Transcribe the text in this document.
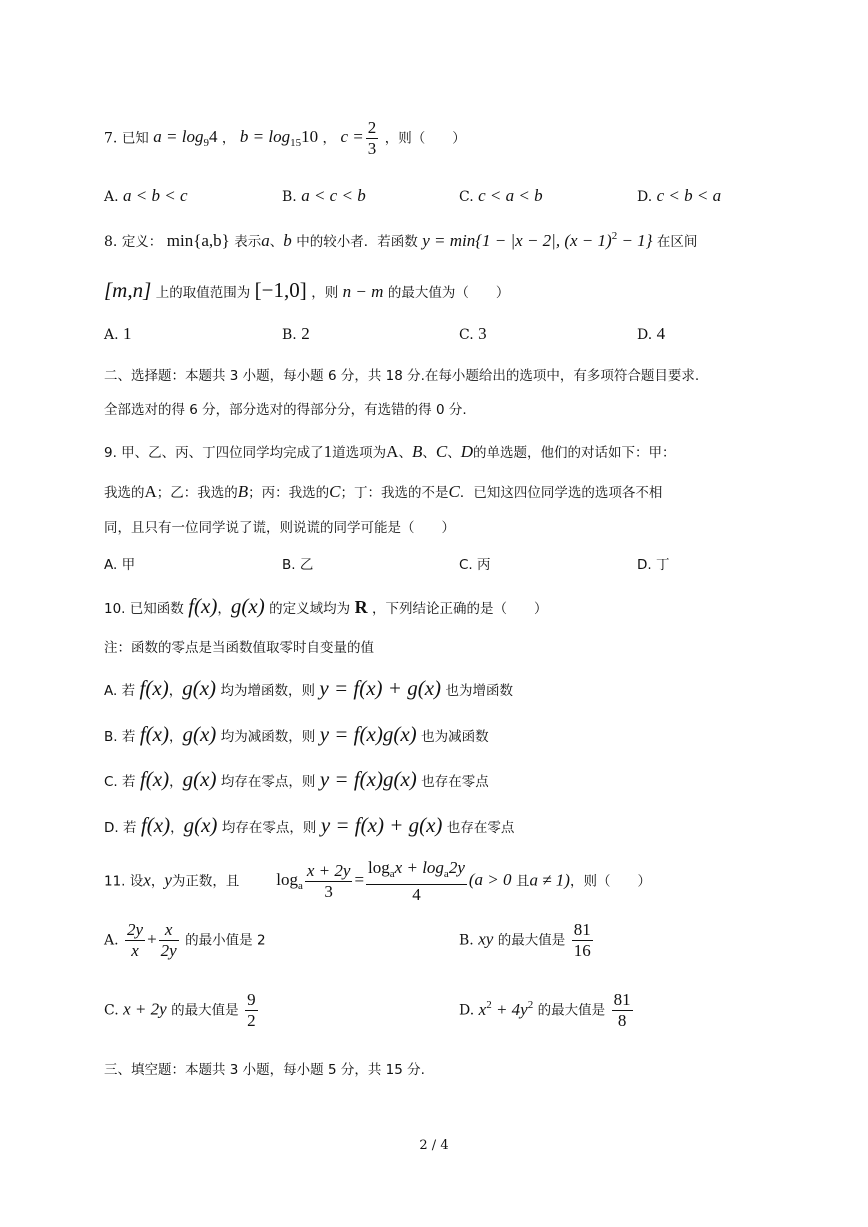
7. 已知 $a = \log_94$ ， $b = \log_{15}10$ ， $c = \frac{2}{3}$ ，则（　　）
A. a < b < c	B. a < c < b	C. c < a < b	D. c < b < a
8. 定义： min{a,b} 表示a、b 中的较小者．若函数 y = min{1 − |x − 2|, $(x - 1)^2 - 1$} 在区间
[m,n] 上的取值范围为 [−1,0] ，则 n − m 的最大值为（　　）
A. 1	B. 2	C. 3	D. 4
二、选择题：本题共 3 小题，每小题 6 分，共 18 分.在每小题给出的选项中，有多项符合题目要求.
全部选对的得 6 分，部分选对的得部分分，有选错的得 0 分.
9. 甲、乙、丙、丁四位同学均完成了1道选项为A、B、C、D的单选题，他们的对话如下：甲：
我选的A；乙：我选的B；丙：我选的C；丁：我选的不是C．已知这四位同学选的选项各不相
同，且只有一位同学说了谎，则说谎的同学可能是（　　）
A. 甲	B. 乙	C. 丙	D. 丁
10. 已知函数 f(x)，g(x) 的定义域均为 R ，下列结论正确的是（　　）
注：函数的零点是当函数值取零时自变量的值
A. 若 f(x)，g(x) 均为增函数，则 y = f(x) + g(x) 也为增函数
B. 若 f(x)，g(x) 均为减函数，则 y = f(x)g(x) 也为减函数
C. 若 f(x)，g(x) 均存在零点，则 y = f(x)g(x) 也存在零点
D. 若 f(x)，g(x) 均存在零点，则 y = f(x) + g(x) 也存在零点
11. 设x，y为正数，且 $\log_a \frac{x + 2y}{3} = \frac{\log_ax + \log_a2y}{4} (a > 0$ 且a ≠ 1)，则（　　）
A. $\frac{2y}{x} + \frac{x}{2y}$ 的最小值是 2	B. xy 的最大值是 $\frac{81}{16}$
C. x + 2y 的最大值是 $\frac{9}{2}$	D. $x^2 + 4y^2$ 的最大值是 $\frac{81}{8}$
三、填空题：本题共 3 小题，每小题 5 分，共 15 分.
2 / 4
